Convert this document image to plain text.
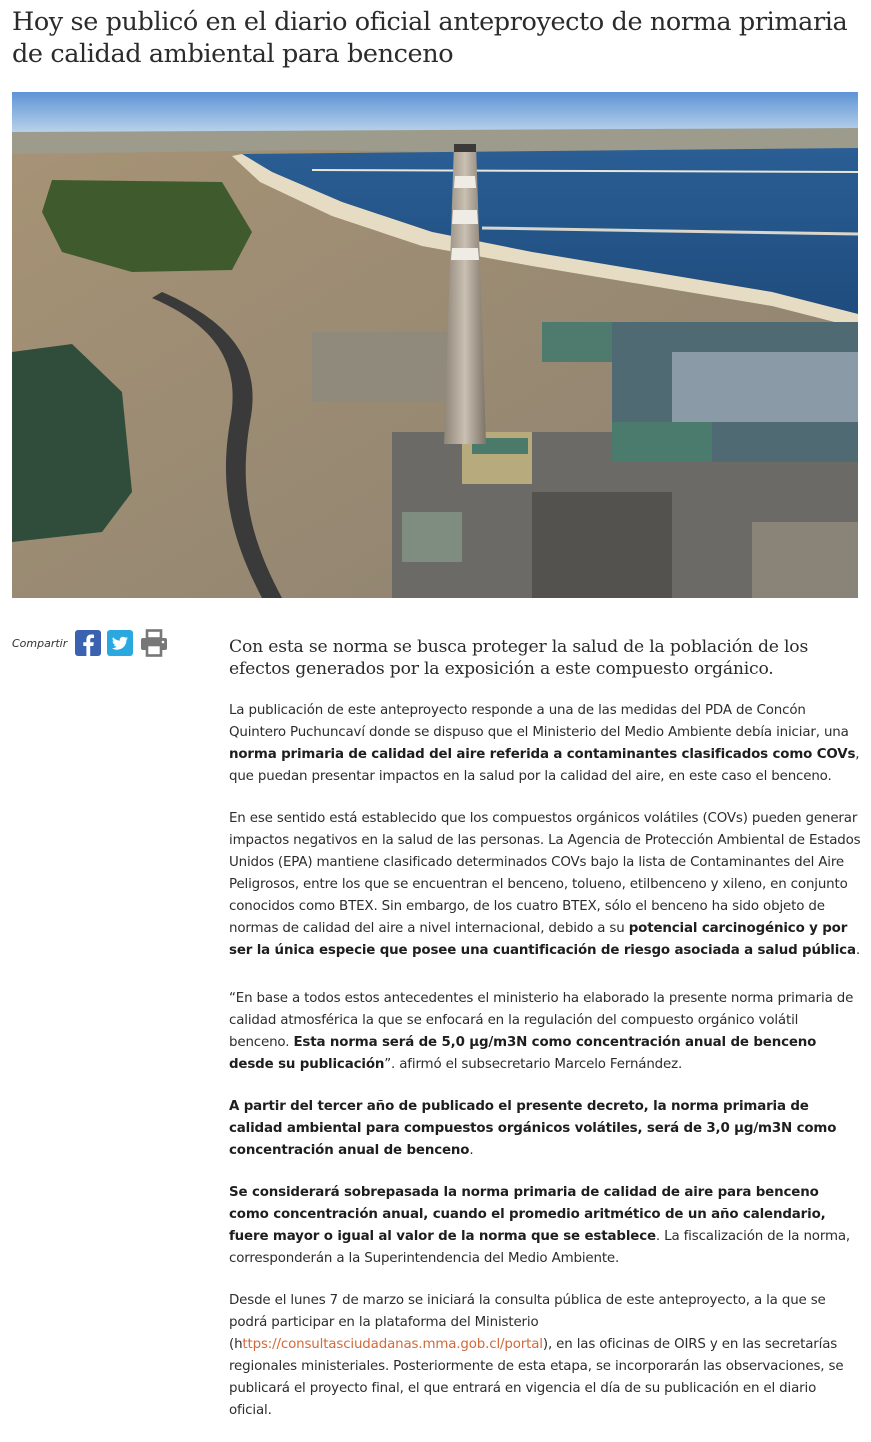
Hoy se publicó en el diario oficial anteproyecto de norma primaria de calidad ambiental para benceno
Compartir	Con esta se norma se busca proteger la salud de la población de los efectos generados por la exposición a este compuesto orgánico.

La publicación de este anteproyecto responde a una de las medidas del PDA de Concón Quintero Puchuncaví donde se dispuso que el Ministerio del Medio Ambiente debía iniciar, una norma primaria de calidad del aire referida a contaminantes clasificados como COVs, que puedan presentar impactos en la salud por la calidad del aire, en este caso el benceno.

En ese sentido está establecido que los compuestos orgánicos volátiles (COVs) pueden generar impactos negativos en la salud de las personas. La Agencia de Protección Ambiental de Estados Unidos (EPA) mantiene clasificado determinados COVs bajo la lista de Contaminantes del Aire Peligrosos, entre los que se encuentran el benceno, tolueno, etilbenceno y xileno, en conjunto conocidos como BTEX. Sin embargo, de los cuatro BTEX, sólo el benceno ha sido objeto de normas de calidad del aire a nivel internacional, debido a su potencial carcinogénico y por ser la única especie que posee una cuantificación de riesgo asociada a salud pública.

“En base a todos estos antecedentes el ministerio ha elaborado la presente norma primaria de calidad atmosférica la que se enfocará en la regulación del compuesto orgánico volátil benceno. Esta norma será de 5,0 µg/m3N como concentración anual de benceno desde su publicación”. afirmó el subsecretario Marcelo Fernández.

A partir del tercer año de publicado el presente decreto, la norma primaria de calidad ambiental para compuestos orgánicos volátiles, será de 3,0 µg/m3N como concentración anual de benceno.

Se considerará sobrepasada la norma primaria de calidad de aire para benceno como concentración anual, cuando el promedio aritmético de un año calendario, fuere mayor o igual al valor de la norma que se establece. La fiscalización de la norma, corresponderán a la Superintendencia del Medio Ambiente.

Desde el lunes 7 de marzo se iniciará la consulta pública de este anteproyecto, a la que se podrá participar en la plataforma del Ministerio (https://consultasciudadanas.mma.gob.cl/portal), en las oficinas de OIRS y en las secretarías regionales ministeriales. Posteriormente de esta etapa, se incorporarán las observaciones, se publicará el proyecto final, el que entrará en vigencia el día de su publicación en el diario oficial.
